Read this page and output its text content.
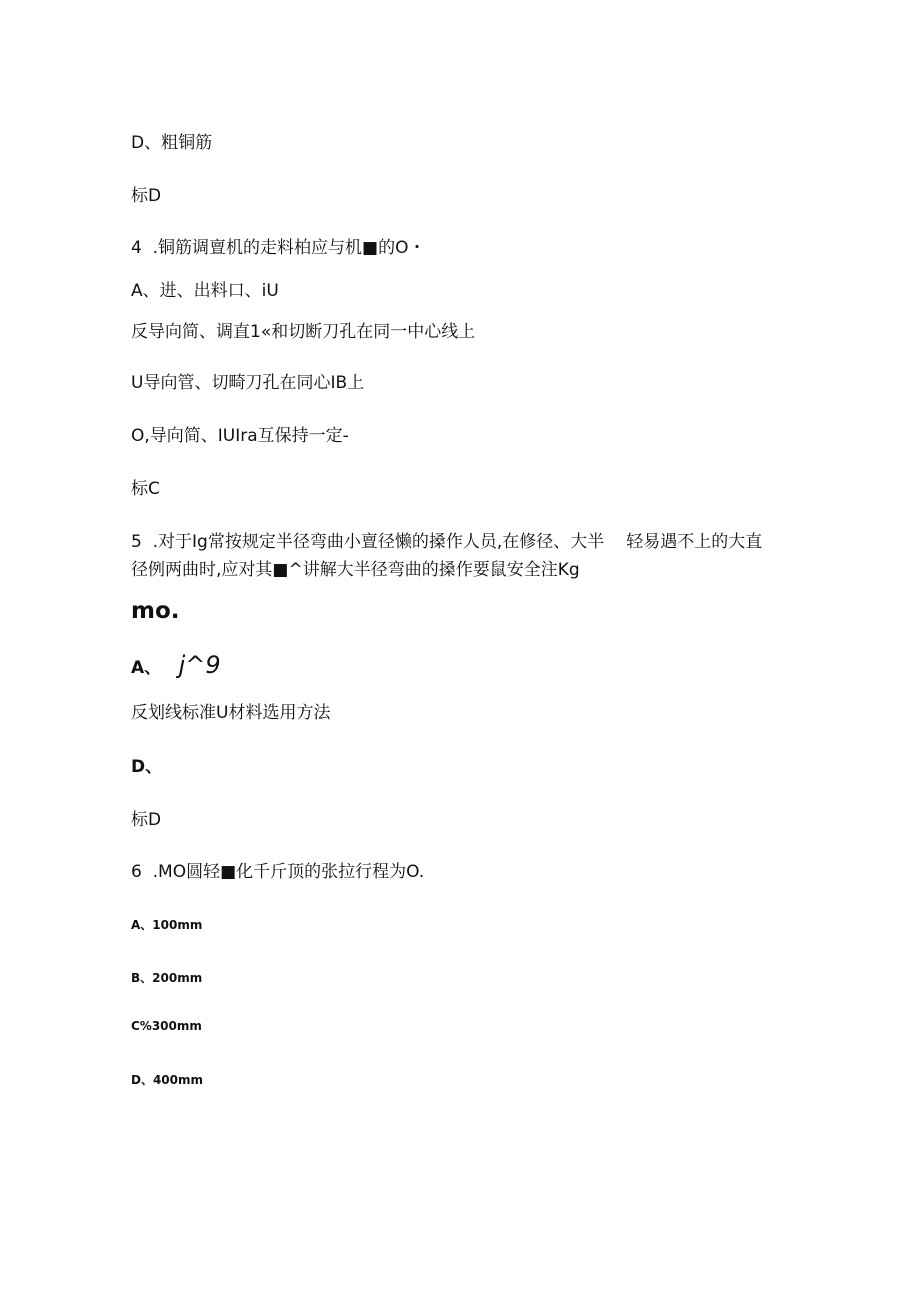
D、粗铜筋
标D
4  .铜筋调亶机的走料柏应与机■的O・
A、进、出料口、iU
反导向简、调直1«和切断刀孔在同一中心线上
U导向管、切畸刀孔在同心IB上
O,导向简、IUIra互保持一定-
标C
5  .对于Ig常按规定半径弯曲小亶径懒的搡作人员,在修径、大半 轻易遇不上的大直
径例两曲时,应对其■^讲解大半径弯曲的搡作要鼠安全注Kg
mo.
A、 j^9
反划线标准U材料选用方法
D、
标D
6  .MO圆轻■化千斤顶的张拉行程为O.
A、100mm
B、200mm
C%300mm
D、400mm
